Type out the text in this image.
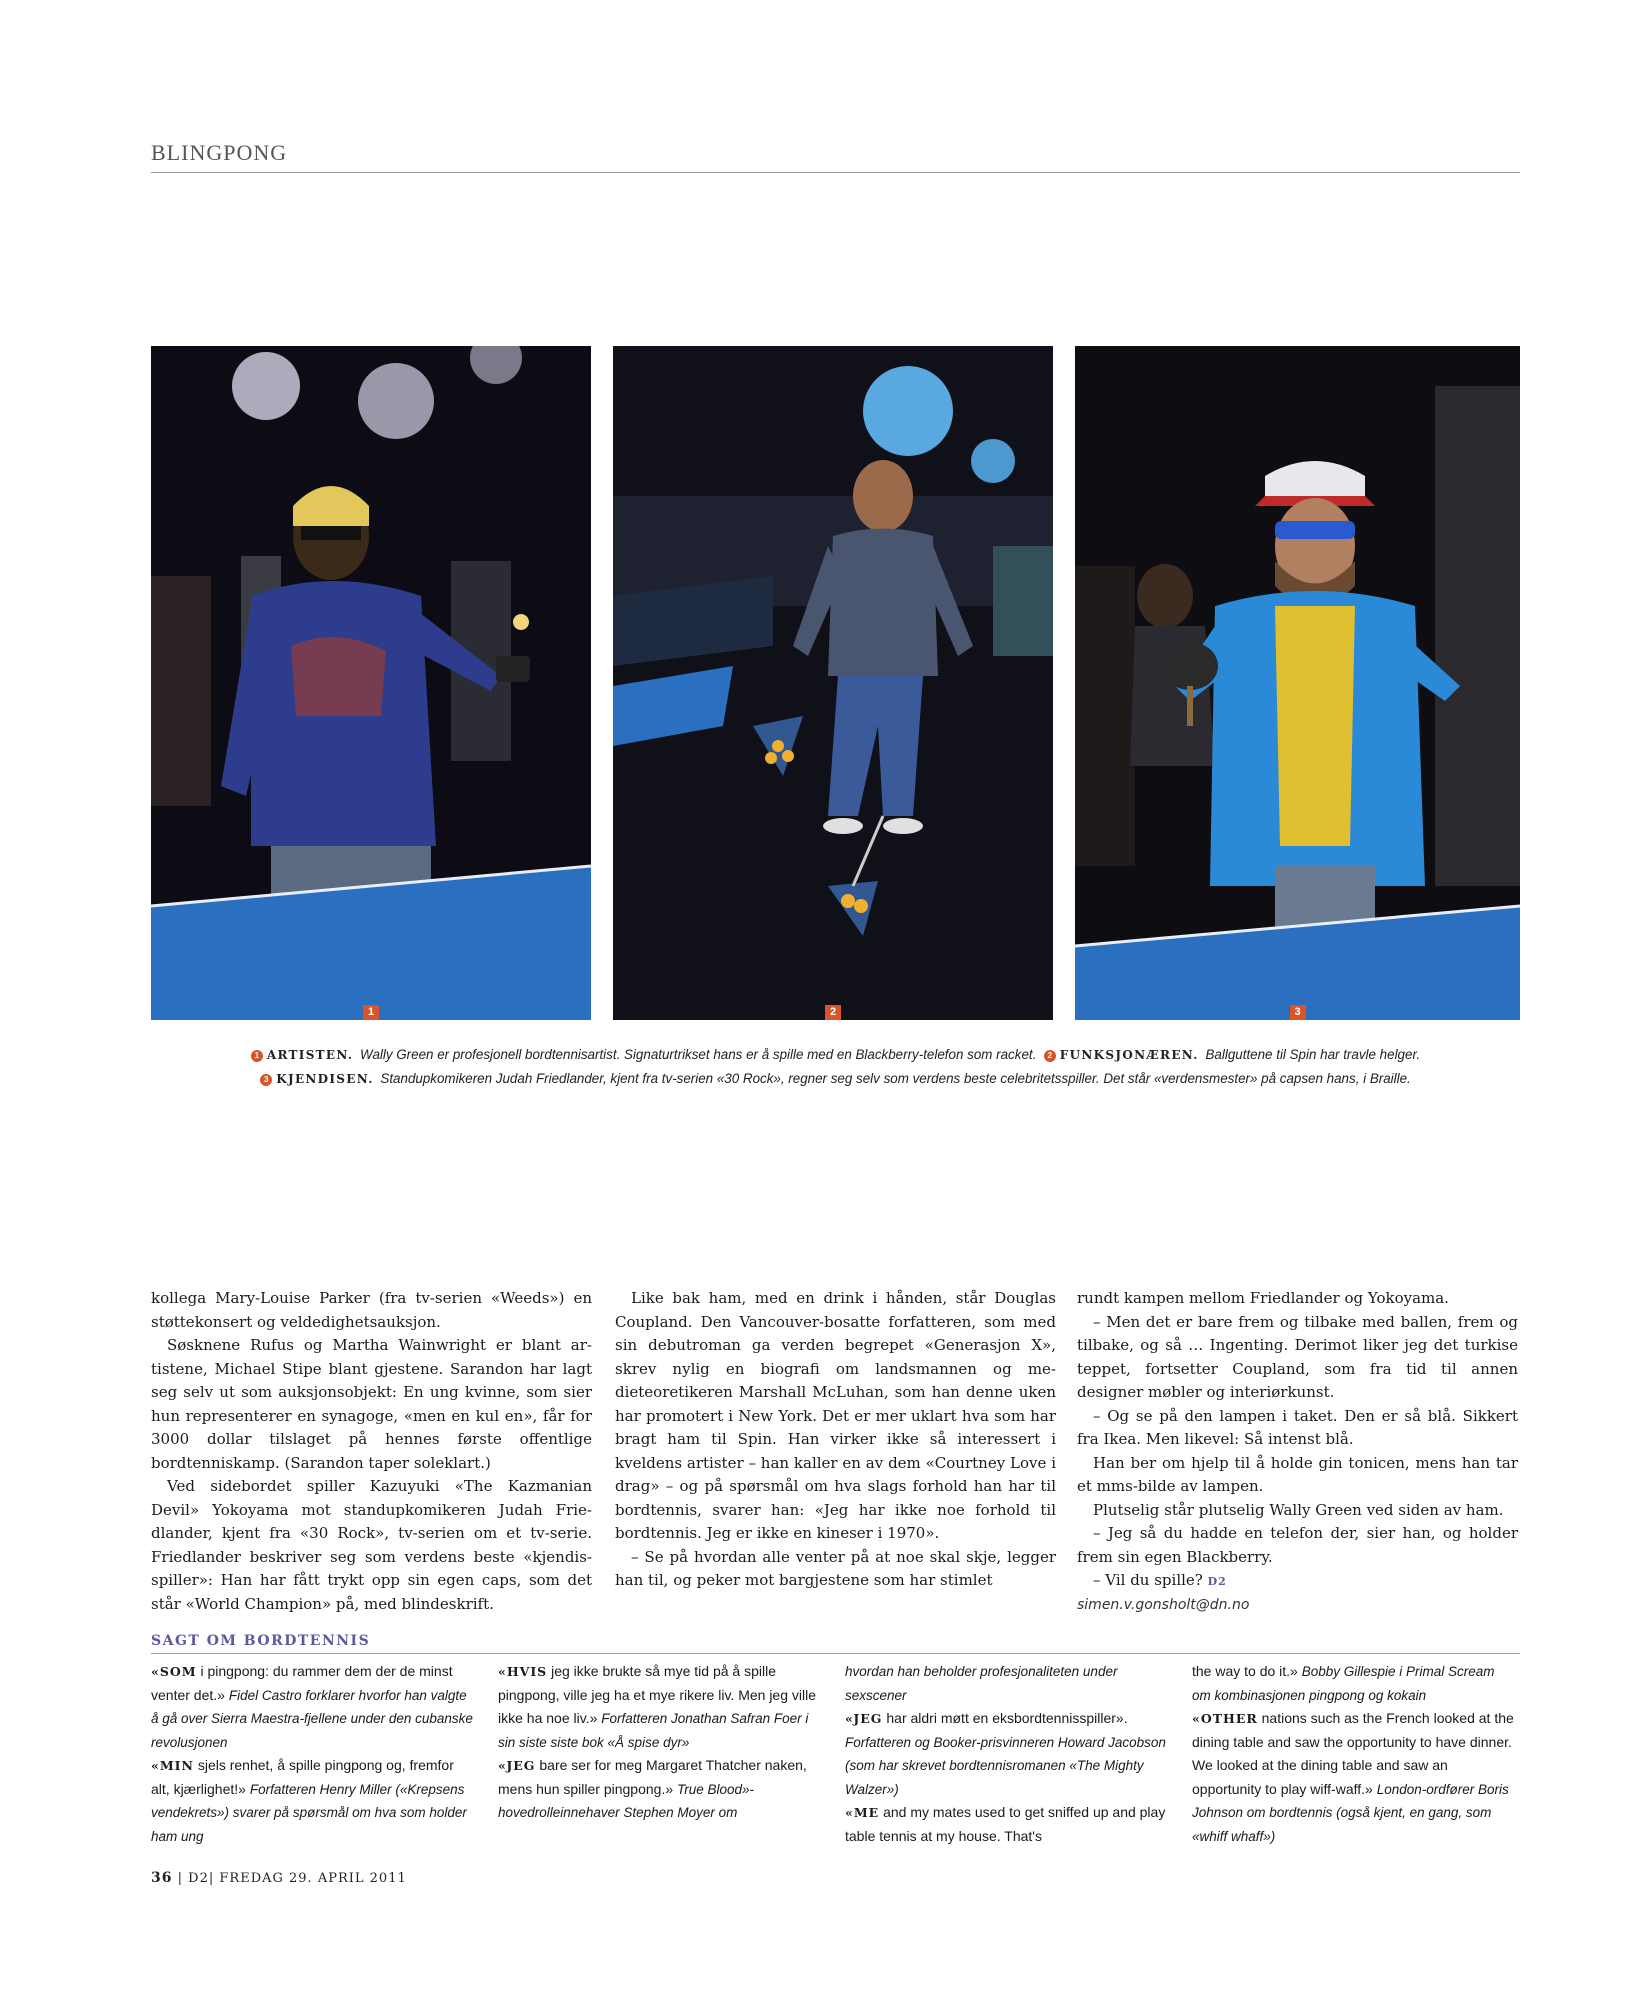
BLINGPONG
1	2	3
1 ARTISTEN. Wally Green er profesjonell bordtennisartist. Signaturtrikset hans er å spille med en Blackberry-telefon som racket. 2 FUNKSJONÆREN. Ballguttene til Spin har travle helger.
3 KJENDISEN. Standupkomikeren Judah Friedlander, kjent fra tv-serien «30 Rock», regner seg selv som verdens beste celebritetsspiller. Det står «verdensmester» på capsen hans, i Braille.

kollega Mary-Louise Parker (fra tv-serien «Weeds») en støttekonsert og veldedighetsauksjon.

Søsknene Rufus og Martha Wainwright er blant artistene, Michael Stipe blant gjestene. Sarandon har lagt seg selv ut som auksjonsobjekt: En ung kvinne, som sier hun representerer en synagoge, «men en kul en», får for 3000 dollar tilslaget på hennes første offentlige bordtenniskamp. (Sarandon taper soleklart.)

Ved sidebordet spiller Kazuyuki «The Kazmanian Devil» Yokoyama mot standupkomikeren Judah Friedlander, kjent fra «30 Rock», tv-serien om et tv-serie. Friedlander beskriver seg som verdens beste «kjendisspiller»: Han har fått trykt opp sin egen caps, som det står «World Champion» på, med blindeskrift.

Like bak ham, med en drink i hånden, står Douglas Coupland. Den Vancouver-bosatte forfatteren, som med sin debutroman ga verden begrepet «Generasjon X», skrev nylig en biografi om landsmannen og medieteoretikeren Marshall McLuhan, som han denne uken har promotert i New York. Det er mer uklart hva som har bragt ham til Spin. Han virker ikke så interessert i kveldens artister – han kaller en av dem «Courtney Love i drag» – og på spørsmål om hva slags forhold han har til bordtennis, svarer han: «Jeg har ikke noe forhold til bordtennis. Jeg er ikke en kineser i 1970».

– Se på hvordan alle venter på at noe skal skje, legger han til, og peker mot bargjestene som har stimlet

rundt kampen mellom Friedlander og Yokoyama.

– Men det er bare frem og tilbake med ballen, frem og tilbake, og så … Ingenting. Derimot liker jeg det turkise teppet, fortsetter Coupland, som fra tid til annen designer møbler og interiørkunst.

– Og se på den lampen i taket. Den er så blå. Sikkert fra Ikea. Men likevel: Så intenst blå.

Han ber om hjelp til å holde gin tonicen, mens han tar et mms-bilde av lampen.

Plutselig står plutselig Wally Green ved siden av ham.

– Jeg så du hadde en telefon der, sier han, og holder frem sin egen Blackberry.

– Vil du spille? D2

simen.v.gonsholt@dn.no

SAGT OM BORDTENNIS

«SOM i pingpong: du rammer dem der de minst venter det.» Fidel Castro forklarer hvorfor han valgte å gå over Sierra Maestra-fjellene under den cubanske revolusjonen

«MIN sjels renhet, å spille pingpong og, fremfor alt, kjærlighet!» Forfatteren Henry Miller («Krepsens vendekrets») svarer på spørsmål om hva som holder ham ung

«HVIS jeg ikke brukte så mye tid på å spille pingpong, ville jeg ha et mye rikere liv. Men jeg ville ikke ha noe liv.» Forfatteren Jonathan Safran Foer i sin siste siste bok «Å spise dyr»

«JEG bare ser for meg Margaret Thatcher naken, mens hun spiller pingpong.» True Blood»-hovedrolleinnehaver Stephen Moyer om

hvordan han beholder profesjonaliteten under sexscener

«JEG har aldri møtt en eksbordtennisspiller». Forfatteren og Booker-prisvinneren Howard Jacobson (som har skrevet bordtennisromanen «The Mighty Walzer»)

«ME and my mates used to get sniffed up and play table tennis at my house. That's

the way to do it.» Bobby Gillespie i Primal Scream om kombinasjonen pingpong og kokain

«OTHER nations such as the French looked at the dining table and saw the opportunity to have dinner. We looked at the dining table and saw an opportunity to play wiff-waff.» London-ordfører Boris Johnson om bordtennis (også kjent, en gang, som «whiff whaff»)

36 | D2| FREDAG 29. APRIL 2011
